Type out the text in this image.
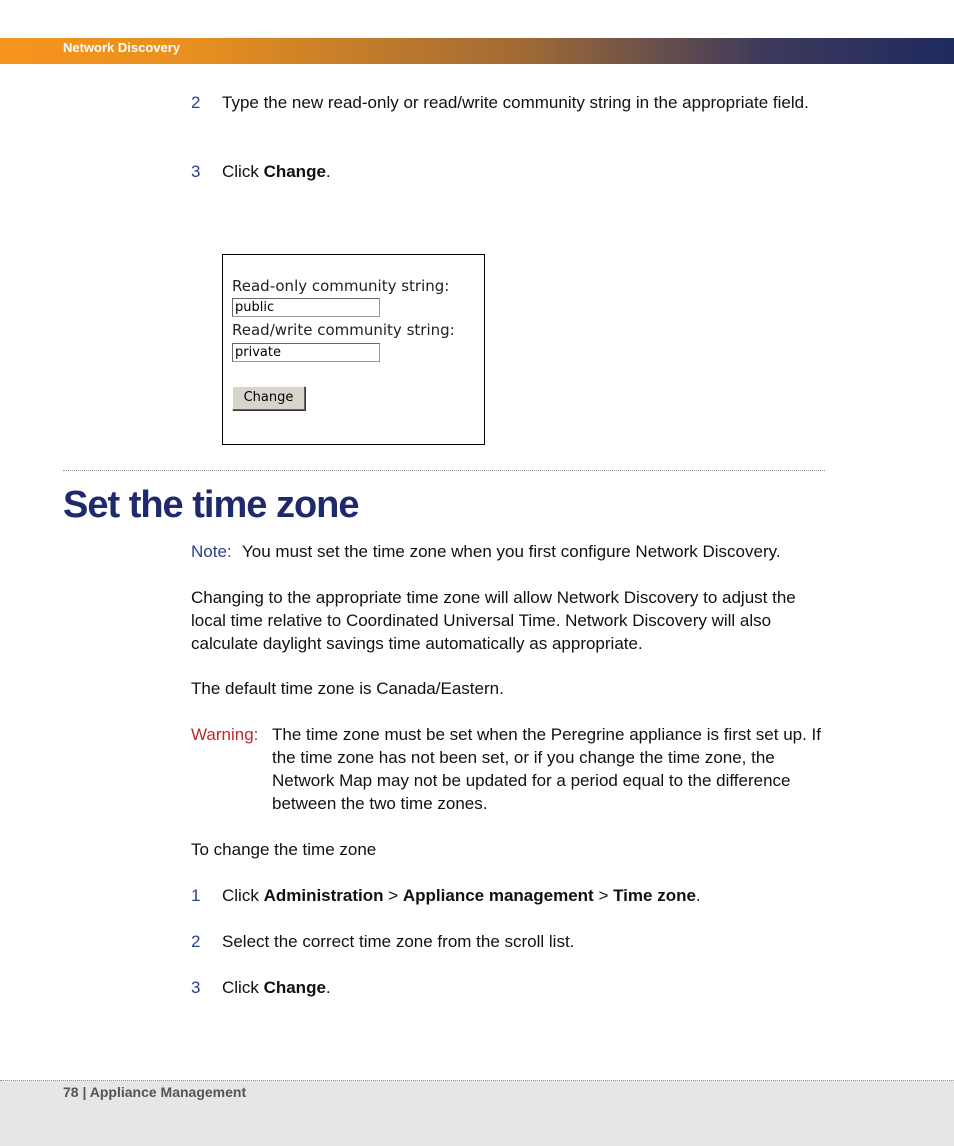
Network Discovery
2 Type the new read-only or read/write community string in the appropriate field.
3 Click Change.
Read-only community string:
public
Read/write community string:
private
Change
Set the time zone
Note: You must set the time zone when you first configure Network Discovery.
Changing to the appropriate time zone will allow Network Discovery to adjust the local time relative to Coordinated Universal Time. Network Discovery will also calculate daylight savings time automatically as appropriate.
The default time zone is Canada/Eastern.
Warning: The time zone must be set when the Peregrine appliance is first set up. If the time zone has not been set, or if you change the time zone, the Network Map may not be updated for a period equal to the difference between the two time zones.
To change the time zone
1 Click Administration > Appliance management > Time zone.
2 Select the correct time zone from the scroll list.
3 Click Change.
78 | Appliance Management
